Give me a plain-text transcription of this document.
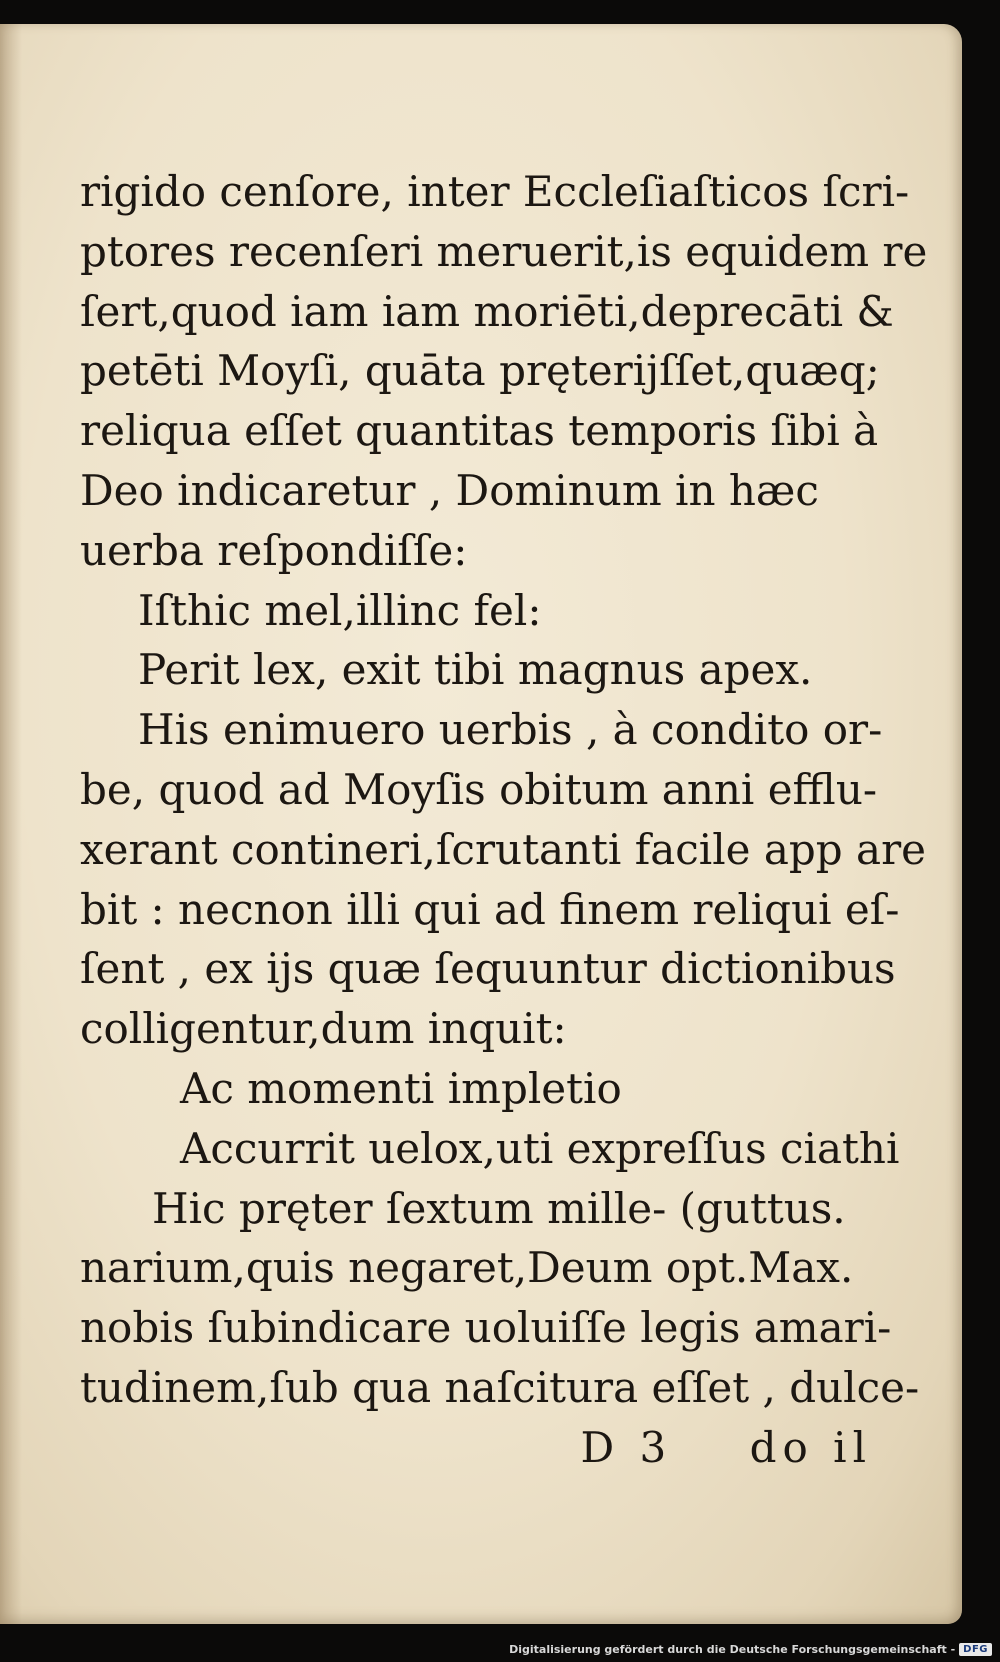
rigido cenſore, inter Eccleſiaſticos ſcri-
ptores recenſeri meruerit,is equidem re
ſert,quod iam iam moriēti,deprecāti &
petēti Moyſi, quāta pręterijſſet,quæq;
reliqua eſſet quantitas temporis ſibi à
Deo indicaretur , Dominum in hæc
uerba reſpondiſſe:
Iſthic mel,illinc fel:
Perit lex, exit tibi magnus apex.
His enimuero uerbis , à condito or-
be, quod ad Moyſis obitum anni efflu-
xerant contineri,ſcrutanti facile app are
bit : necnon illi qui ad finem reliqui eſ-
ſent , ex ijs quæ ſequuntur dictionibus
colligentur,dum inquit:
Ac momenti impletio
Accurrit uelox,uti expreſſus ciathi
Hic pręter ſextum mille- (guttus.
narium,quis negaret,Deum opt.Max.
nobis ſubindicare uoluiſſe legis amari-
tudinem,ſub qua naſcitura eſſet , dulce-
D 3 do il
Digitalisierung gefördert durch die Deutsche Forschungsgemeinschaft - DFG
